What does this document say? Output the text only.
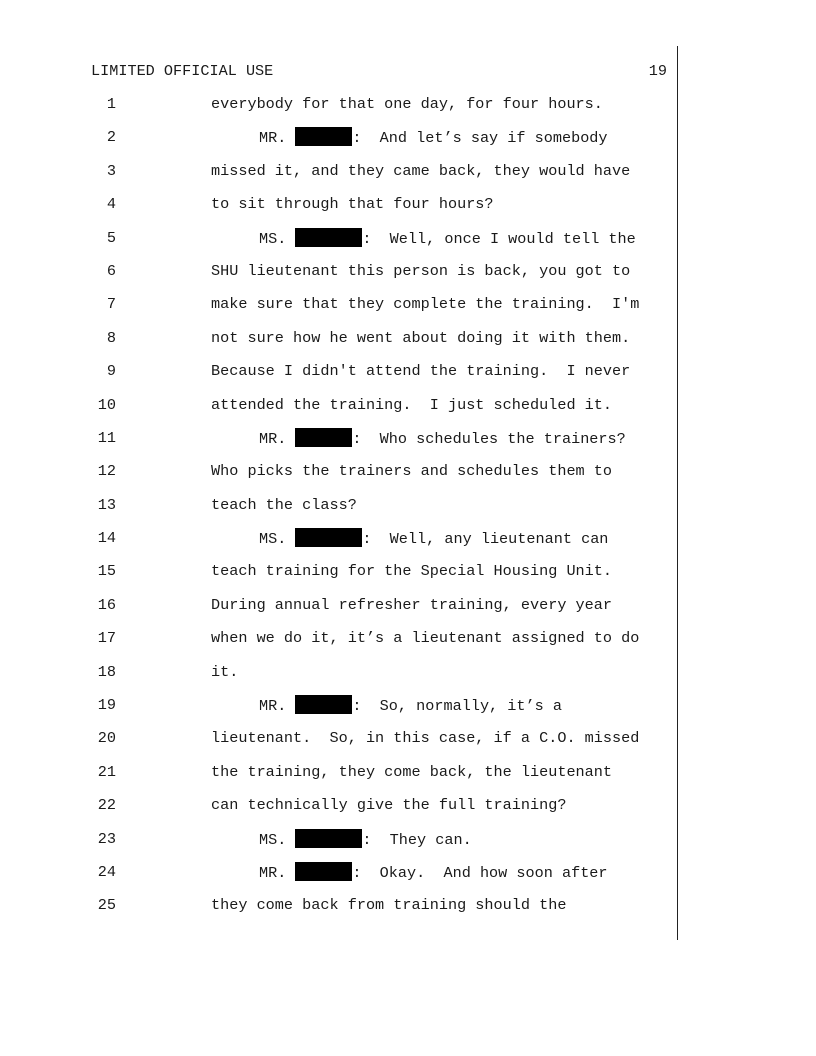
LIMITED OFFICIAL USE	19
1	everybody for that one day, for four hours.
2	MR.	:  And let’s say if somebody
3	missed it, and they came back, they would have
4	to sit through that four hours?
5	MS.	:  Well, once I would tell the
6	SHU lieutenant this person is back, you got to
7	make sure that they complete the training.  I'm
8	not sure how he went about doing it with them.
9	Because I didn't attend the training.  I never
10	attended the training.  I just scheduled it.
11	MR.	:  Who schedules the trainers?
12	Who picks the trainers and schedules them to
13	teach the class?
14	MS.	:  Well, any lieutenant can
15	teach training for the Special Housing Unit.
16	During annual refresher training, every year
17	when we do it, it’s a lieutenant assigned to do
18	it.
19	MR.	:  So, normally, it’s a
20	lieutenant.  So, in this case, if a C.O. missed
21	the training, they come back, the lieutenant
22	can technically give the full training?
23	MS.	:  They can.
24	MR.	:  Okay.  And how soon after
25	they come back from training should the
